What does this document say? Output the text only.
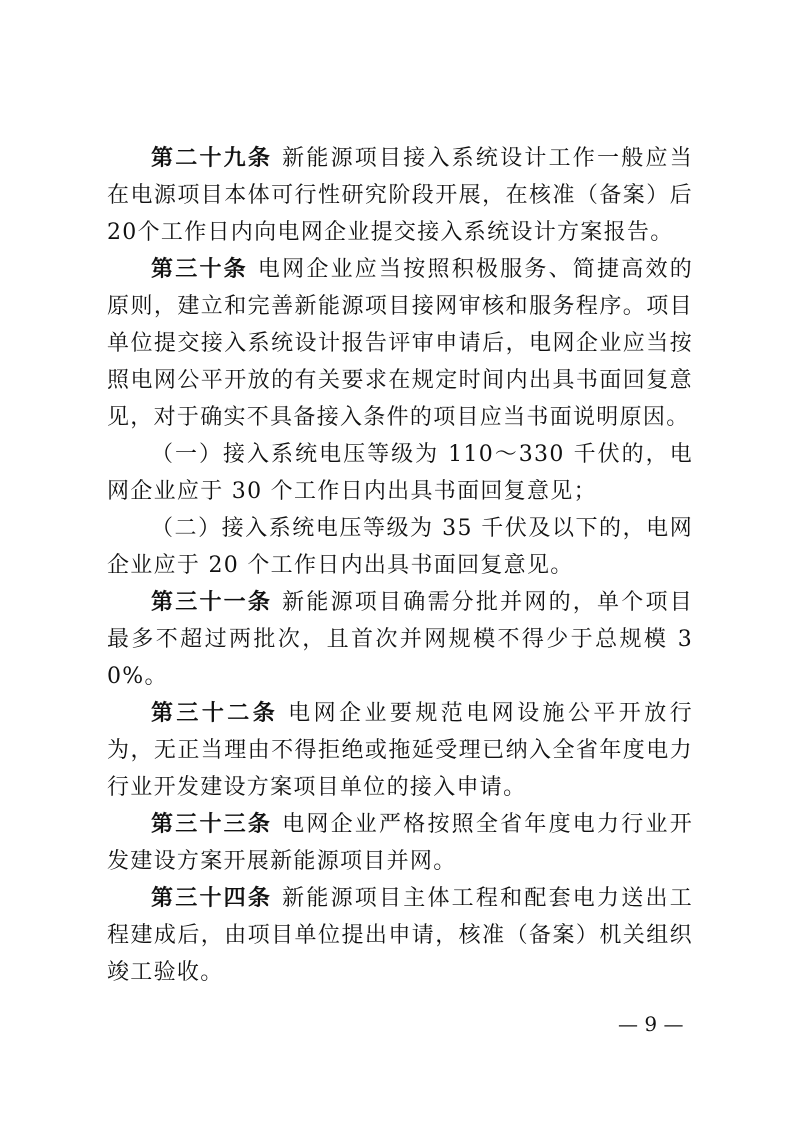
第二十九条 新能源项目接入系统设计工作一般应当在电源项目本体可行性研究阶段开展，在核准（备案）后20个工作日内向电网企业提交接入系统设计方案报告。

第三十条 电网企业应当按照积极服务、简捷高效的原则，建立和完善新能源项目接网审核和服务程序。项目单位提交接入系统设计报告评审申请后，电网企业应当按照电网公平开放的有关要求在规定时间内出具书面回复意见，对于确实不具备接入条件的项目应当书面说明原因。

（一）接入系统电压等级为 110～330 千伏的，电网企业应于 30 个工作日内出具书面回复意见；

（二）接入系统电压等级为 35 千伏及以下的，电网企业应于 20 个工作日内出具书面回复意见。

第三十一条 新能源项目确需分批并网的，单个项目最多不超过两批次，且首次并网规模不得少于总规模 30%。

第三十二条 电网企业要规范电网设施公平开放行为，无正当理由不得拒绝或拖延受理已纳入全省年度电力行业开发建设方案项目单位的接入申请。

第三十三条 电网企业严格按照全省年度电力行业开发建设方案开展新能源项目并网。

第三十四条 新能源项目主体工程和配套电力送出工程建成后，由项目单位提出申请，核准（备案）机关组织竣工验收。

— 9 —
